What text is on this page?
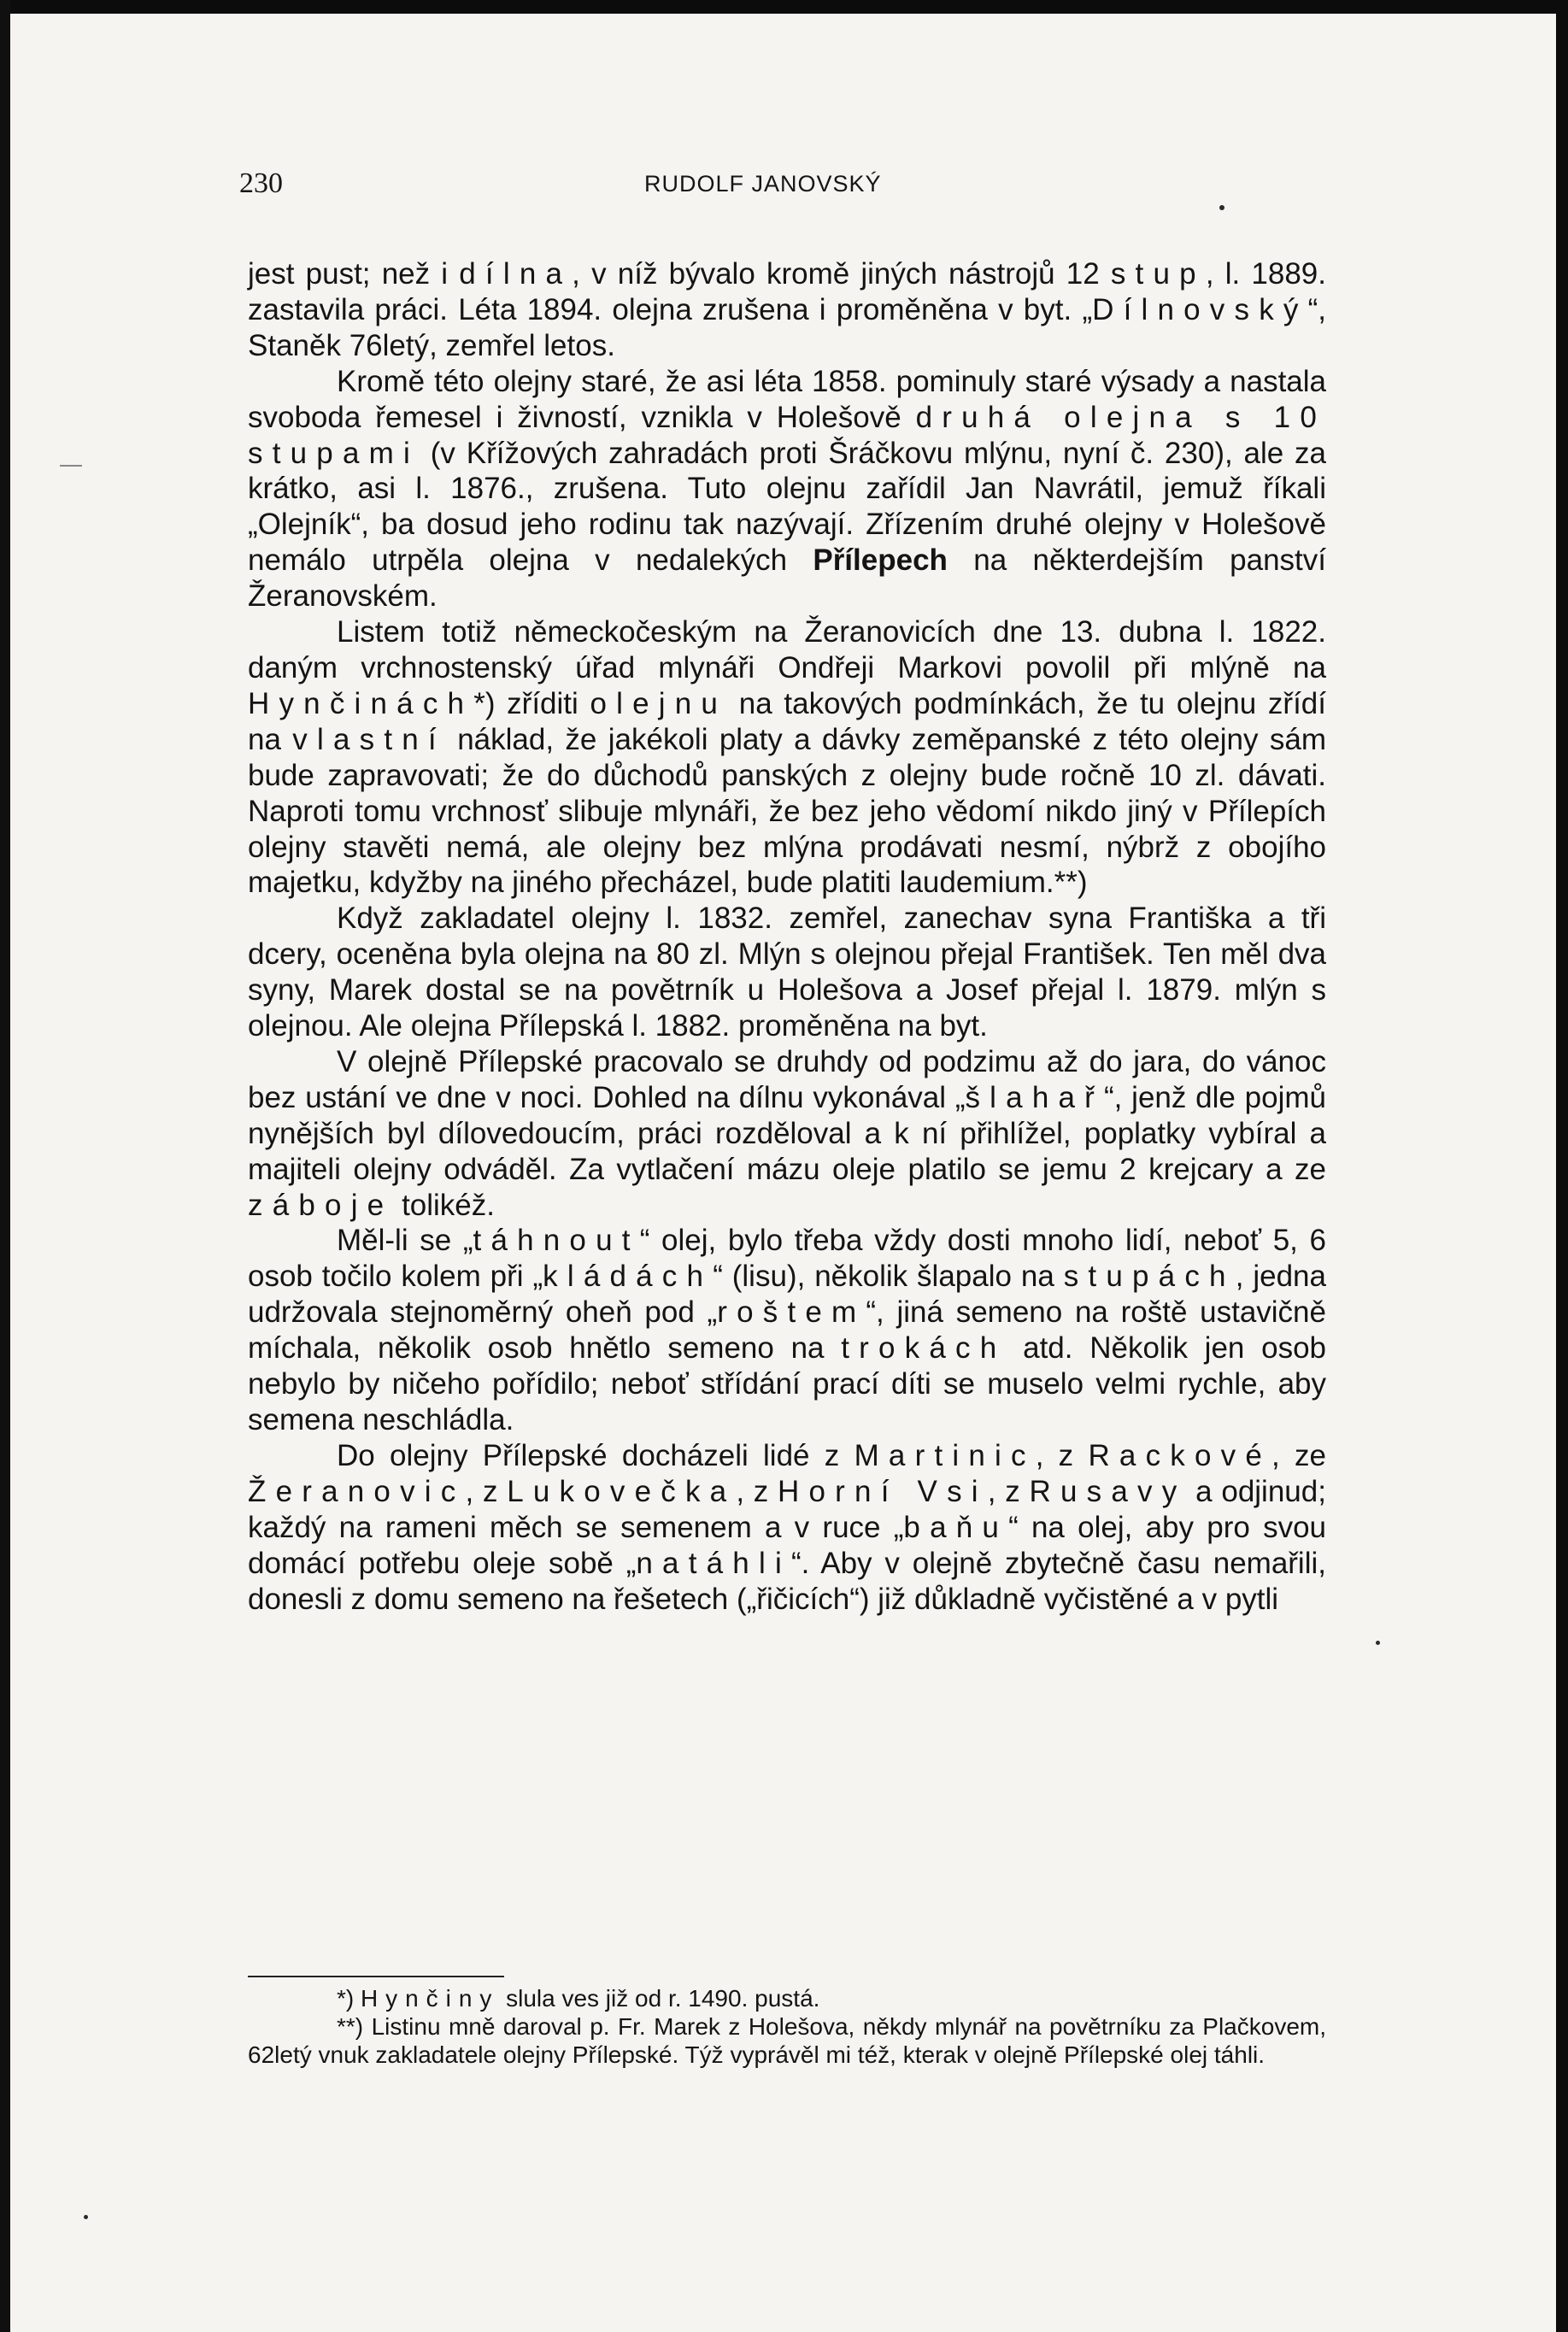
230	RUDOLF JANOVSKÝ

jest pust; než i dílna, v níž bývalo kromě jiných nástrojů 12 stup, l. 1889. zastavila práci. Léta 1894. olejna zrušena i proměněna v byt. „Dílnovský“, Staněk 76letý, zemřel letos.

Kromě této olejny staré, že asi léta 1858. pominuly staré výsady a nastala svoboda řemesel i živností, vznikla v Holešově druhá olejna s 10 stupami (v Křížových zahradách proti Šráčkovu mlýnu, nyní č. 230), ale za krátko, asi l. 1876., zrušena. Tuto olejnu zařídil Jan Navrátil, jemuž říkali „Olejník“, ba dosud jeho rodinu tak nazývají. Zřízením druhé olejny v Holešově nemálo utrpěla olejna v nedalekých Přílepech na některdejším panství Žeranovském.

Listem totiž německočeským na Žeranovicích dne 13. dubna l. 1822. daným vrchnostenský úřad mlynáři Ondřeji Markovi povolil při mlýně na Hynčinách*) zříditi olejnu na takových podmínkách, že tu olejnu zřídí na vlastní náklad, že jakékoli platy a dávky zeměpanské z této olejny sám bude zapravovati; že do důchodů panských z olejny bude ročně 10 zl. dávati. Naproti tomu vrchnosť slibuje mlynáři, že bez jeho vědomí nikdo jiný v Přílepích olejny stavěti nemá, ale olejny bez mlýna prodávati nesmí, nýbrž z obojího majetku, kdyžby na jiného přecházel, bude platiti laudemium.**)

Když zakladatel olejny l. 1832. zemřel, zanechav syna Františka a tři dcery, oceněna byla olejna na 80 zl. Mlýn s olejnou přejal František. Ten měl dva syny, Marek dostal se na povětrník u Holešova a Josef přejal l. 1879. mlýn s olejnou. Ale olejna Přílepská l. 1882. proměněna na byt.

V olejně Přílepské pracovalo se druhdy od podzimu až do jara, do vánoc bez ustání ve dne v noci. Dohled na dílnu vykonával „šlahař“, jenž dle pojmů nynějších byl dílovedoucím, práci rozděloval a k ní přihlížel, poplatky vybíral a majiteli olejny odváděl. Za vytlačení mázu oleje platilo se jemu 2 krejcary a ze záboje tolikéž.

Měl-li se „táhnout“ olej, bylo třeba vždy dosti mnoho lidí, neboť 5, 6 osob točilo kolem při „kládách“ (lisu), několik šlapalo na stupách, jedna udržovala stejnoměrný oheň pod „roštem“, jiná semeno na roště ustavičně míchala, několik osob hnětlo semeno na trokách atd. Několik jen osob nebylo by ničeho pořídilo; neboť střídání prací díti se muselo velmi rychle, aby semena neschládla.

Do olejny Přílepské docházeli lidé z Martinic, z Rackové, ze Žeranovic, z Lukovečka, z Horní Vsi, z Rusavy a odjinud; každý na rameni měch se semenem a v ruce „baňu“ na olej, aby pro svou domácí potřebu oleje sobě „natáhli“. Aby v olejně zbytečně času nemařili, donesli z domu semeno na řešetech („řičicích“) již důkladně vyčistěné a v pytli

*) Hynčiny slula ves již od r. 1490. pustá.

**) Listinu mně daroval p. Fr. Marek z Holešova, někdy mlynář na povětrníku za Plačkovem, 62letý vnuk zakladatele olejny Přílepské. Týž vyprávěl mi též, kterak v olejně Přílepské olej táhli.
